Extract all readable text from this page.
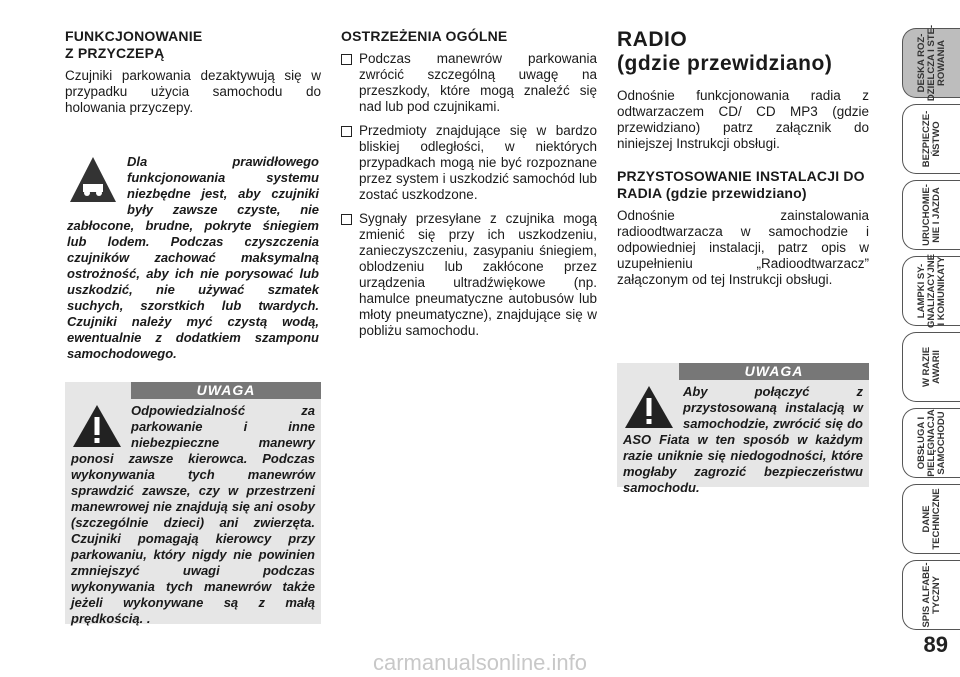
FUNKCJONOWANIE
Z PRZYCZEPĄ

Czujniki parkowania dezaktywują się w przypadku użycia samochodu do holowania przyczepy.

Dla prawidłowego funkcjonowania systemu niezbędne jest, aby czujniki były zawsze czyste, nie zabłocone, brudne, pokryte śniegiem lub lodem. Podczas czyszczenia czujników zachować maksymalną ostrożność, aby ich nie porysować lub uszkodzić, nie używać szmatek suchych, szorstkich lub twardych. Czujniki należy myć czystą wodą, ewentualnie z dodatkiem szamponu samochodowego.
UWAGA
Odpowiedzialność za parkowanie i inne niebezpieczne manewry ponosi zawsze kierowca. Podczas wykonywania tych manewrów sprawdzić zawsze, czy w przestrzeni manewrowej nie znajdują się ani osoby (szczególnie dzieci) ani zwierzęta. Czujniki pomagają kierowcy przy parkowaniu, który nigdy nie powinien zmniejszyć uwagi podczas wykonywania tych manewrów także jeżeli wykonywane są z małą prędkością. .

OSTRZEŻENIA OGÓLNE

Podczas manewrów parkowania zwrócić szczególną uwagę na przeszkody, które mogą znaleźć się nad lub pod czujnikami.
Przedmioty znajdujące się w bardzo bliskiej odległości, w niektórych przypadkach mogą nie być rozpoznane przez system i uszkodzić samochód lub zostać uszkodzone.
Sygnały przesyłane z czujnika mogą zmienić się przy ich uszkodzeniu, zanieczyszczeniu, zasypaniu śniegiem, oblodzeniu lub zakłócone przez urządzenia ultradźwiękowe (np. hamulce pneumatyczne autobusów lub młoty pneumatyczne), znajdujące się w pobliżu samochodu.

RADIO

(gdzie przewidziano)

Odnośnie funkcjonowania radia z odtwarzaczem CD/ CD MP3 (gdzie przewidziano) patrz załącznik do niniejszej Instrukcji obsługi.

PRZYSTOSOWANIE INSTALACJI DO RADIA (gdzie przewidziano)

Odnośnie zainstalowania radioodtwarzacza w samochodzie i odpowiedniej instalacji, patrz opis w uzupełnieniu „Radioodtwarzacz” załączonym od tej Instrukcji obsługi.

UWAGA
Aby połączyć z przystosowaną instalacją w samochodzie, zwrócić się do ASO Fiata w ten sposób w każdym razie uniknie się niedogodności, które mogłaby zagrozić bezpieczeństwu samochodu.
DESKA ROZ-
DZIELCZA I STE-
ROWANIA
BEZPIECZE-
ŃSTWO
URUCHOMIE-
NIE I JAZDA
LAMPKI SY-
GNALIZACYJNE
I KOMUNIKATY
W RAZIE
AWARII
OBSŁUGA I
PIELĘGNACJA
SAMOCHODU
DANE
TECHNICZNE
SPIS ALFABE-
TYCZNY
89
carmanualsonline.info
